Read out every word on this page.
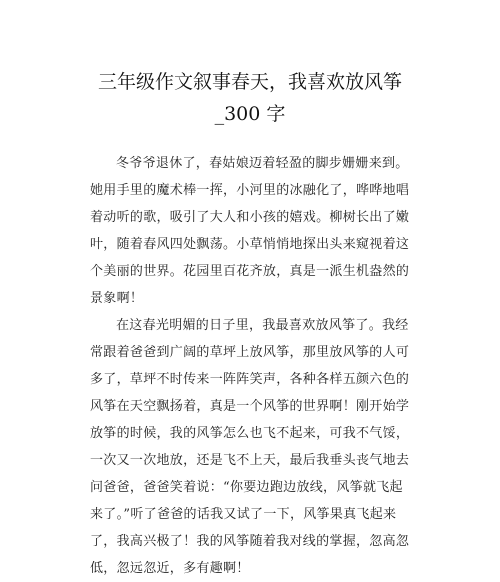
三年级作文叙事春天，我喜欢放风筝
_300 字

冬爷爷退休了，春姑娘迈着轻盈的脚步姗姗来到。
她用手里的魔术棒一挥，小河里的冰融化了，哗哗地唱
着动听的歌，吸引了大人和小孩的嬉戏。柳树长出了嫩
叶，随着春风四处飘荡。小草悄悄地探出头来窥视着这
个美丽的世界。花园里百花齐放，真是一派生机盎然的
景象啊！

在这春光明媚的日子里，我最喜欢放风筝了。我经
常跟着爸爸到广阔的草坪上放风筝，那里放风筝的人可
多了，草坪不时传来一阵阵笑声，各种各样五颜六色的
风筝在天空飘扬着，真是一个风筝的世界啊！刚开始学
放筝的时候，我的风筝怎么也飞不起来，可我不气馁，
一次又一次地放，还是飞不上天，最后我垂头丧气地去
问爸爸，爸爸笑着说：“你要边跑边放线，风筝就飞起
来了。”听了爸爸的话我又试了一下，风筝果真飞起来
了，我高兴极了！我的风筝随着我对线的掌握，忽高忽
低，忽远忽近，多有趣啊！
